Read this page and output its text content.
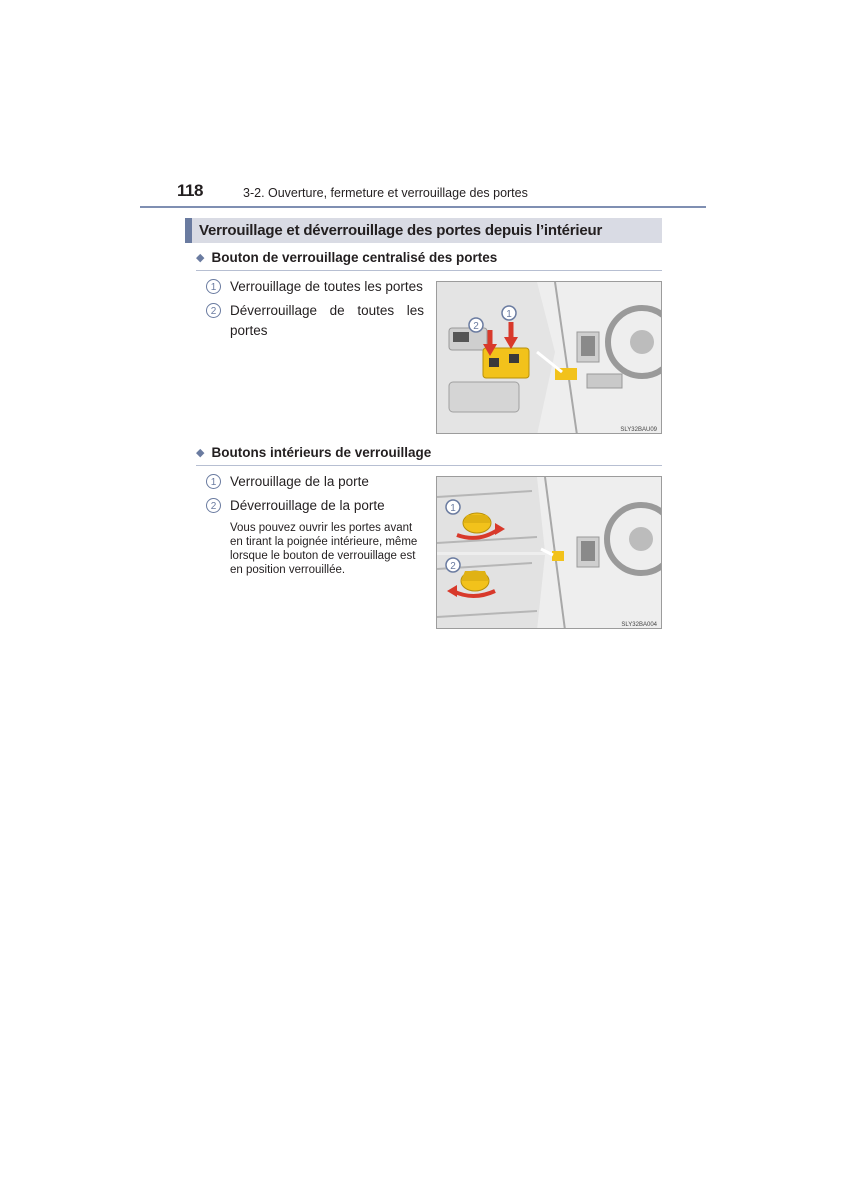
118	3-2. Ouverture, fermeture et verrouillage des portes
Verrouillage et déverrouillage des portes depuis l’intérieur
◆ Bouton de verrouillage centralisé des portes
1	Verrouillage de toutes les portes
2	Déverrouillage de toutes les portes	2
1
SLY32BAU09
◆ Boutons intérieurs de verrouillage
1	Verrouillage de la porte
2	Déverrouillage de la porte
Vous pouvez ouvrir les portes avant en tirant la poignée intérieure, même lorsque le bouton de verrouillage est en position verrouillée.
1
2
SLY32BA004
